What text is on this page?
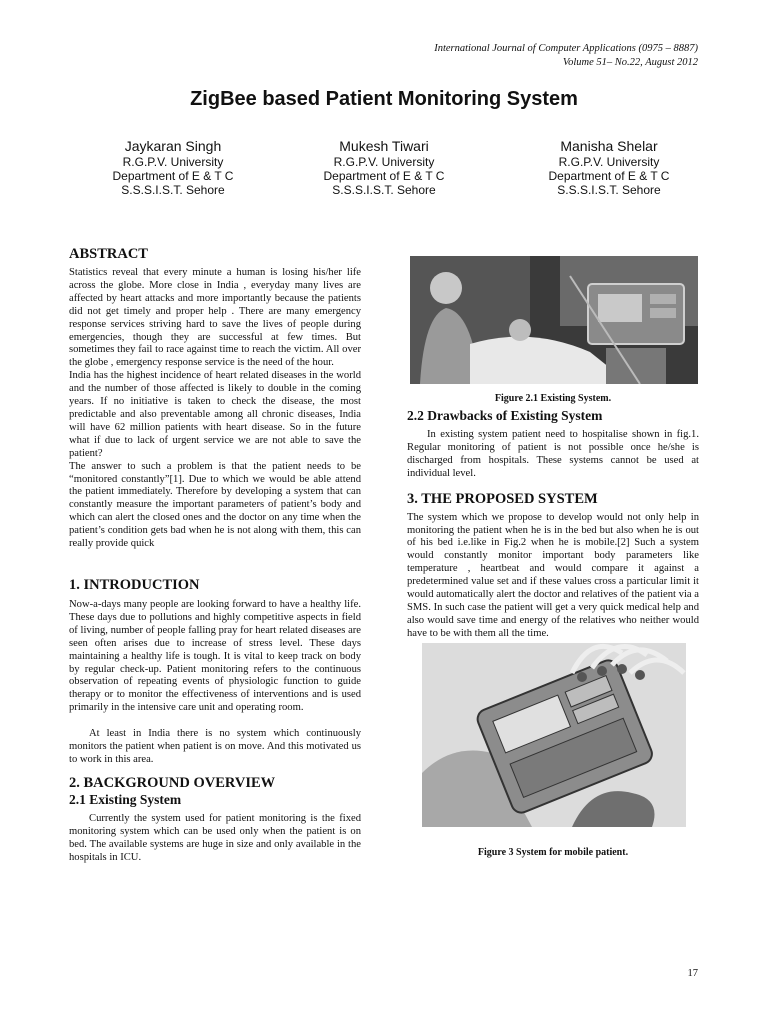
International Journal of Computer Applications (0975 – 8887)
Volume 51– No.22, August 2012
ZigBee based Patient Monitoring System
Jaykaran Singh
R.G.P.V. University
Department of E & T C
S.S.S.I.S.T. Sehore
Mukesh Tiwari
R.G.P.V. University
Department of E & T C
S.S.S.I.S.T. Sehore
Manisha Shelar
R.G.P.V. University
Department of E & T C
S.S.S.I.S.T. Sehore
ABSTRACT

Statistics reveal that every minute a human is losing his/her life across the globe. More close in India , everyday many lives are affected by heart attacks and more importantly because the patients did not get timely and proper help . There are many emergency response services striving hard to save the lives of people during emergencies, though they are successful at few times. But sometimes they fail to race against time to reach the victim. All over the globe , emergency response service is the need of the hour.

India has the highest incidence of heart related diseases in the world and the number of those affected is likely to double in the coming years. If no initiative is taken to check the disease, the most predictable and also preventable among all chronic diseases, India will have 62 million patients with heart disease. So in the future what if due to lack of urgent service we are not able to save the patient?

The answer to such a problem is that the patient needs to be “monitored constantly”[1]. Due to which we would be able attend the patient immediately. Therefore by developing a system that can constantly measure the important parameters of patient’s body and which can alert the closed ones and the doctor on any time when the patient’s condition gets bad when he is not along with them, this can really provide quick

1. INTRODUCTION

Now-a-days many people are looking forward to have a healthy life. These days due to pollutions and highly competitive aspects in field of living, number of people falling pray for heart related diseases are seen often arises due to increase of stress level. These days maintaining a healthy life is tough. It is vital to keep track on body by regular check-up. Patient monitoring refers to the continuous observation of repeating events of physiologic function to guide therapy or to monitor the effectiveness of interventions and is used primarily in the intensive care unit and operating room.

At least in India there is no system which continuously monitors the patient when patient is on move. And this motivated us to work in this area.

2. BACKGROUND OVERVIEW
2.1 Existing System

Currently the system used for patient monitoring is the fixed monitoring system which can be used only when the patient is on bed. The available systems are huge in size and only available in the hospitals in ICU.

Figure 2.1 Existing System.
2.2 Drawbacks of Existing System

In existing system patient need to hospitalise shown in fig.1. Regular monitoring of patient is not possible once he/she is discharged from hospitals. These systems cannot be used at individual level.

3. THE PROPOSED SYSTEM

The system which we propose to develop would not only help in monitoring the patient when he is in the bed but also when he is out of his bed i.e.like in Fig.2 when he is mobile.[2] Such a system would constantly monitor important body parameters like temperature , heartbeat and would compare it against a predetermined value set and if these values cross a particular limit it would automatically alert the doctor and relatives of the patient via a SMS. In such case the patient will get a very quick medical help and also would save time and energy of the relatives who neither would have to be with them all the time.

Figure 3 System for mobile patient.
17
